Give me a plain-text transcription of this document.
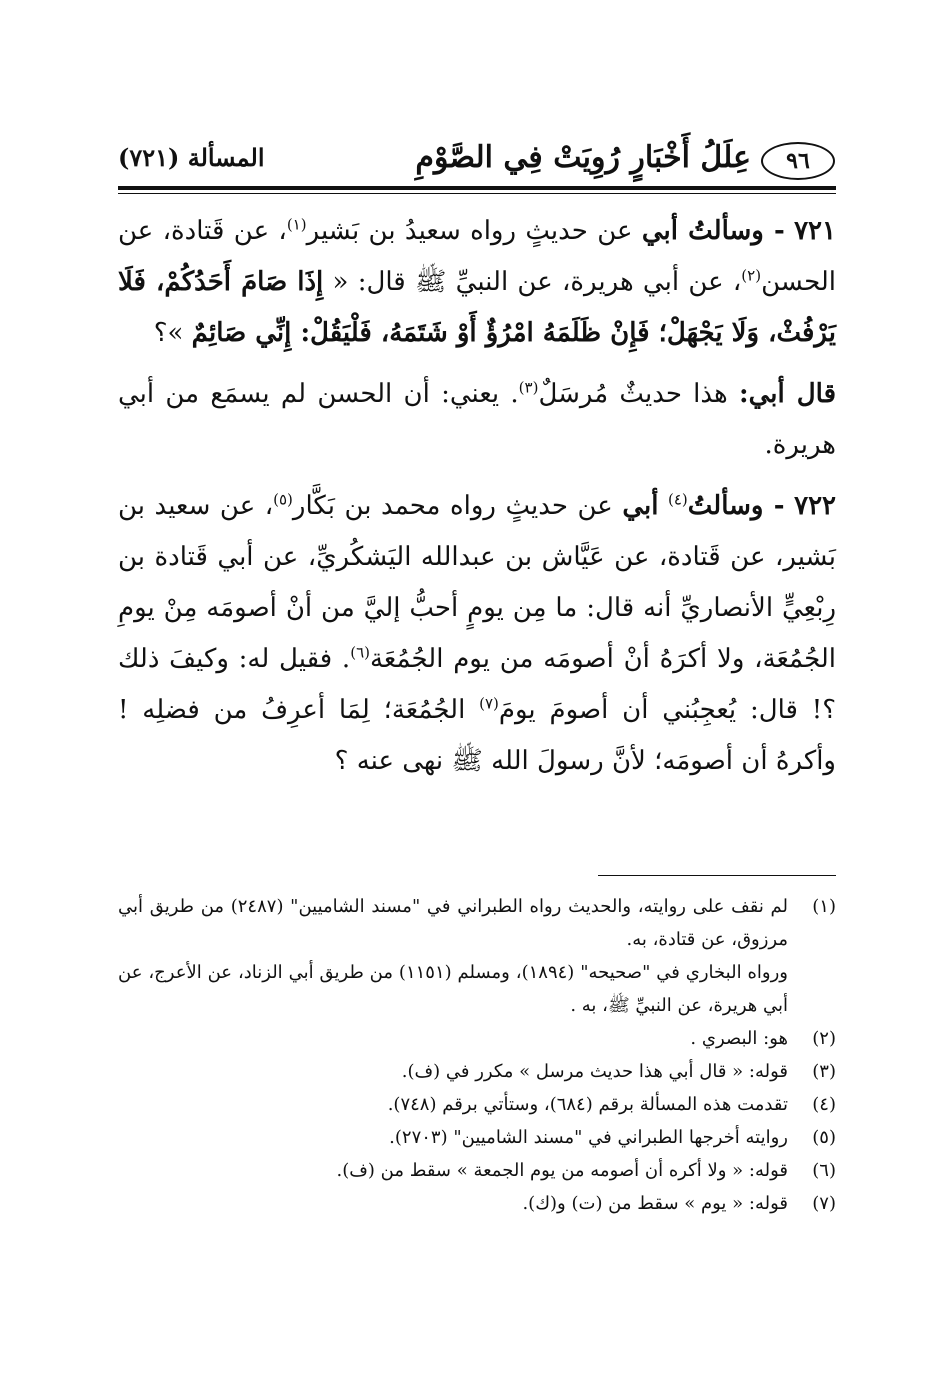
٩٦
عِلَلُ أَخْبَارٍ رُوِيَتْ فِي الصَّوْمِ
المسألة (٧٢١)

٧٢١ - وسألتُ أبي عن حديثٍ رواه سعيدُ بن بَشير$^{(١)}$، عن قَتادة، عن الحسن$^{(٢)}$، عن أبي هريرة، عن النبيِّ ﷺ قال: « إِذَا صَامَ أَحَدُكُمْ، فَلَا يَرْفُثْ، وَلَا يَجْهَلْ؛ فَإِنْ ظَلَمَهُ امْرُؤٌ أَوْ شَتَمَهُ، فَلْيَقُلْ: إِنِّي صَائِمٌ »؟

قال أبي: هذا حديثٌ مُرسَلٌ$^{(٣)}$. يعني: أن الحسن لم يسمَع من أبي هريرة.

٧٢٢ - وسألتُ$^{(٤)}$ أبي عن حديثٍ رواه محمد بن بَكَّار$^{(٥)}$، عن سعيد بن بَشير، عن قَتادة، عن عَيَّاش بن عبدالله اليَشكُريِّ، عن أبي قَتادة بن رِبْعِيٍّ الأنصاريِّ أنه قال: ما مِن يومٍ أحبُّ إليَّ من أنْ أصومَه مِنْ يومِ الجُمُعَة، ولا أكرَهُ أنْ أصومَه من يوم الجُمُعَة$^{(٦)}$. فقيل له: وكيفَ ذلك ؟! قال: يُعجِبُني أن أصومَ يومَ$^{(٧)}$ الجُمُعَة؛ لِمَا أعرِفُ من فضلِه ! وأكرهُ أن أصومَه؛ لأنَّ رسولَ الله ﷺ نهى عنه ؟

(١)
لم نقف على روايته، والحديث رواه الطبراني في "مسند الشاميين" (٢٤٨٧) من طريق أبي مرزوق، عن قتادة، به.
ورواه البخاري في "صحيحه" (١٨٩٤)، ومسلم (١١٥١) من طريق أبي الزناد، عن الأعرج، عن أبي هريرة، عن النبيِّ ﷺ، به .
(٢)
هو: البصري .
(٣)
قوله: « قال أبي هذا حديث مرسل » مكرر في (ف).
(٤)
تقدمت هذه المسألة برقم (٦٨٤)، وستأتي برقم (٧٤٨).
(٥)
روايته أخرجها الطبراني في "مسند الشاميين" (٢٧٠٣).
(٦)
قوله: « ولا أكره أن أصومه من يوم الجمعة » سقط من (ف).
(٧)
قوله: « يوم » سقط من (ت) و(ك).
